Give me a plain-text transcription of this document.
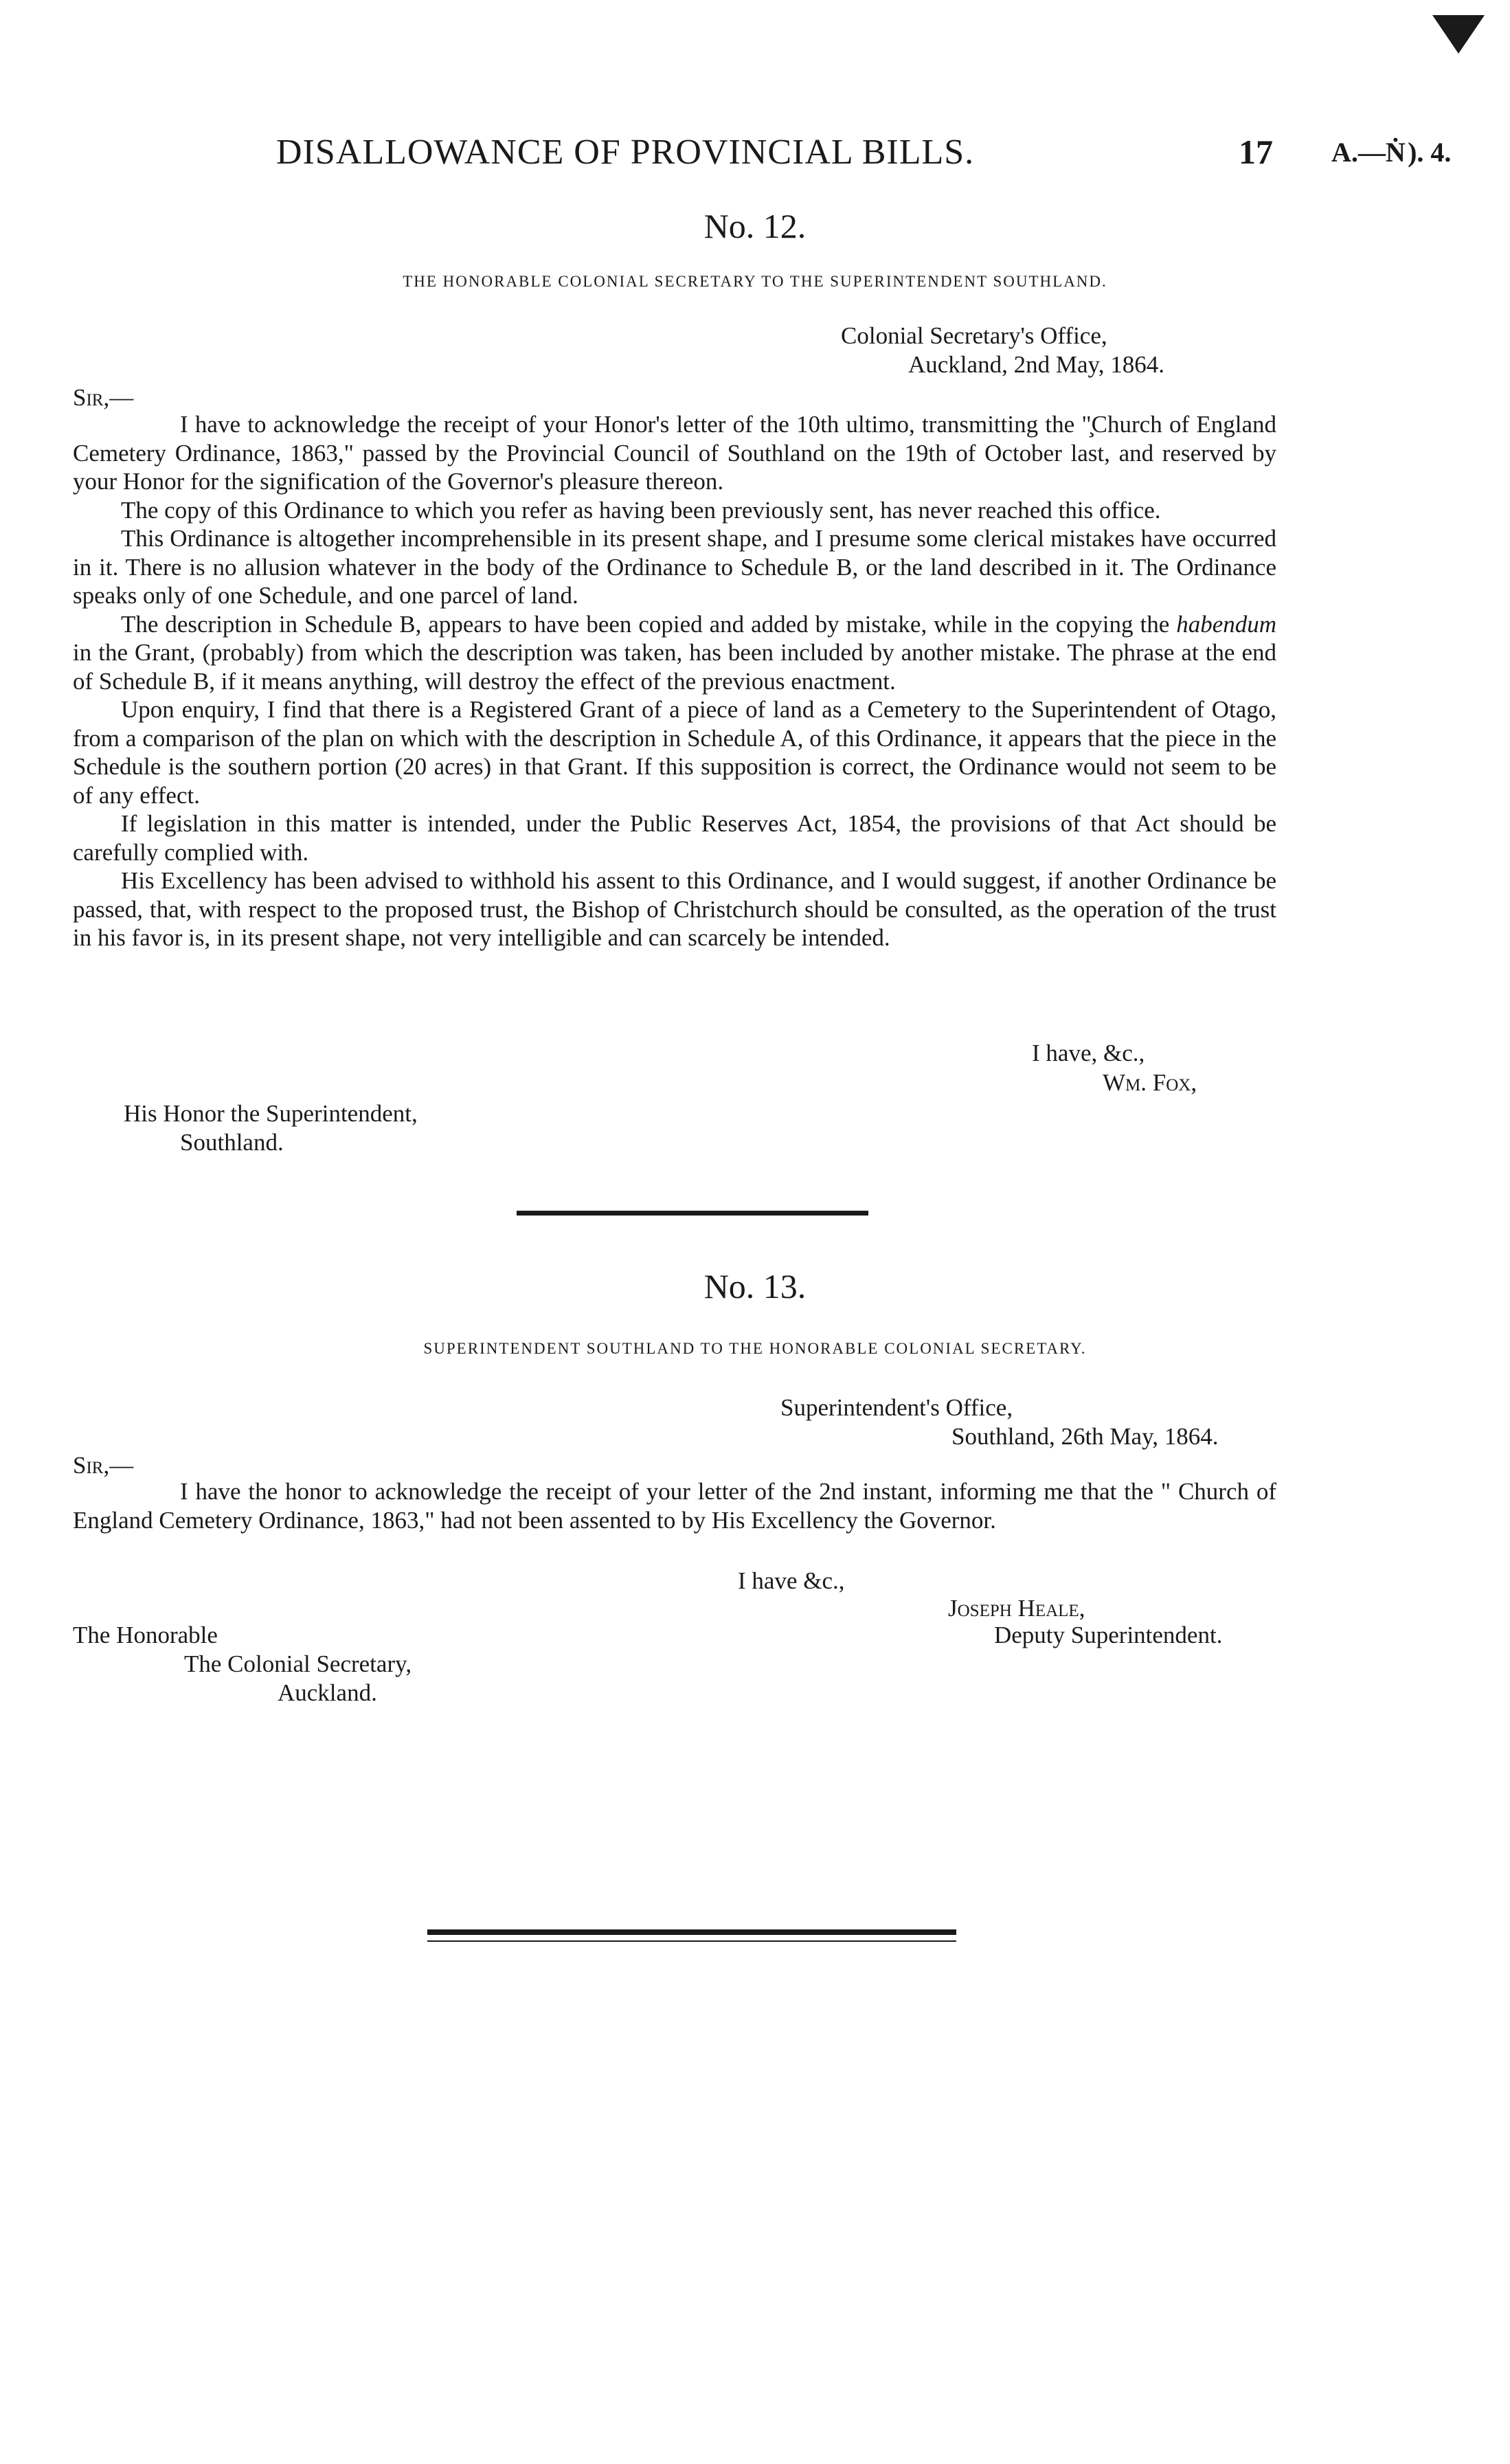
DISALLOWANCE OF PROVINCIAL BILLS.	17 A.—Ṅ ). 4.
No. 12.
THE HONORABLE COLONIAL SECRETARY TO THE SUPERINTENDENT SOUTHLAND.
Colonial Secretary's Office,
Auckland, 2nd May, 1864.
Sir,—

I have to acknowledge the receipt of your Honor's letter of the 10th ultimo, transmitting the "̧Church of England Cemetery Ordinance, 1863," passed by the Provincial Council of Southland on the 19th of October last, and reserved by your Honor for the signification of the Governor's pleasure thereon.

The copy of this Ordinance to which you refer as having been previously sent, has never reached this office.

This Ordinance is altogether incomprehensible in its present shape, and I presume some clerical mistakes have occurred in it. There is no allusion whatever in the body of the Ordinance to Schedule B, or the land described in it. The Ordinance speaks only of one Schedule, and one parcel of land.

The description in Schedule B, appears to have been copied and added by mistake, while in the copying the habendum in the Grant, (probably) from which the description was taken, has been included by another mistake. The phrase at the end of Schedule B, if it means anything, will destroy the effect of the previous enactment.

Upon enquiry, I find that there is a Registered Grant of a piece of land as a Cemetery to the Superintendent of Otago, from a comparison of the plan on which with the description in Schedule A, of this Ordinance, it appears that the piece in the Schedule is the southern portion (20 acres) in that Grant. If this supposition is correct, the Ordinance would not seem to be of any effect.

If legislation in this matter is intended, under the Public Reserves Act, 1854, the provisions of that Act should be carefully complied with.

His Excellency has been advised to withhold his assent to this Ordinance, and I would suggest, if another Ordinance be passed, that, with respect to the proposed trust, the Bishop of Christchurch should be consulted, as the operation of the trust in his favor is, in its present shape, not very intelligible and can scarcely be intended.

I have, &c.,
Wm. Fox,
His Honor the Superintendent,
Southland.
No. 13.
SUPERINTENDENT SOUTHLAND TO THE HONORABLE COLONIAL SECRETARY.
Superintendent's Office,
Southland, 26th May, 1864.
Sir,—

I have the honor to acknowledge the receipt of your letter of the 2nd instant, informing me that the " Church of England Cemetery Ordinance, 1863," had not been assented to by His Excellency the Governor.

I have &c.,
Joseph Heale,
Deputy Superintendent.
The Honorable
The Colonial Secretary,
Auckland.
